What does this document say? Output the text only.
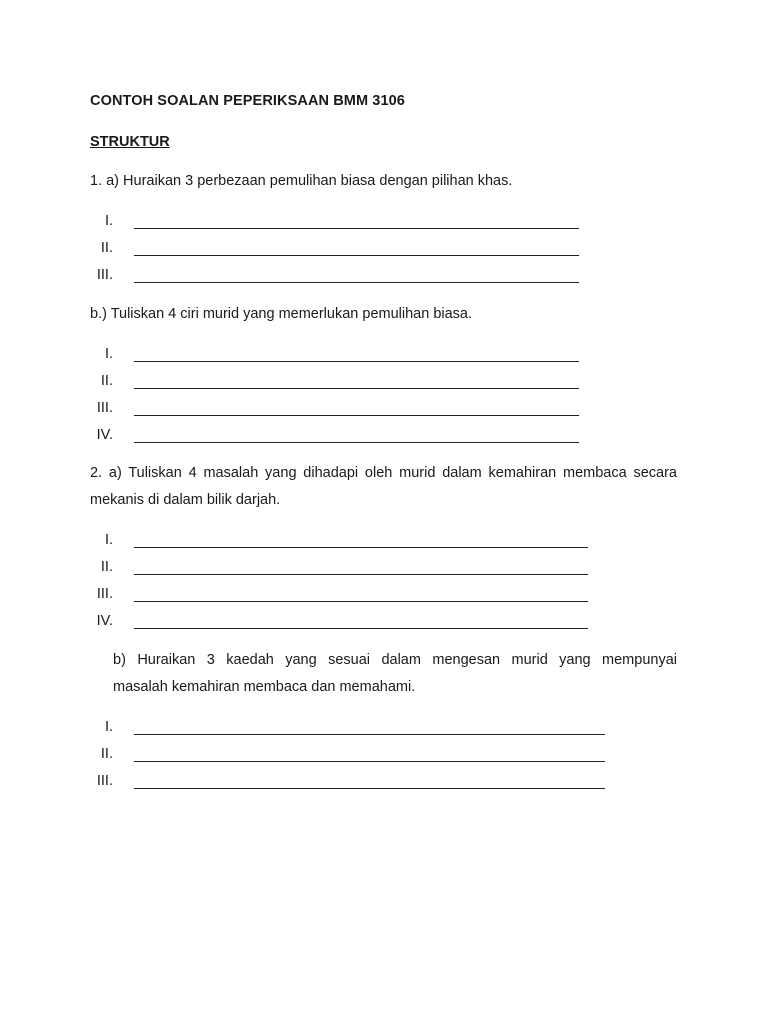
CONTOH SOALAN PEPERIKSAAN BMM 3106
STRUKTUR
1. a) Huraikan 3 perbezaan pemulihan biasa dengan pilihan khas.
I.
II.
III.
b.) Tuliskan 4 ciri murid yang memerlukan pemulihan biasa.
I.
II.
III.
IV.
2. a) Tuliskan 4 masalah yang dihadapi oleh murid dalam kemahiran membaca secara
mekanis di dalam bilik darjah.
I.
II.
III.
IV.
b) Huraikan 3 kaedah yang sesuai dalam mengesan murid yang mempunyai
masalah kemahiran membaca dan memahami.
I.
II.
III.
